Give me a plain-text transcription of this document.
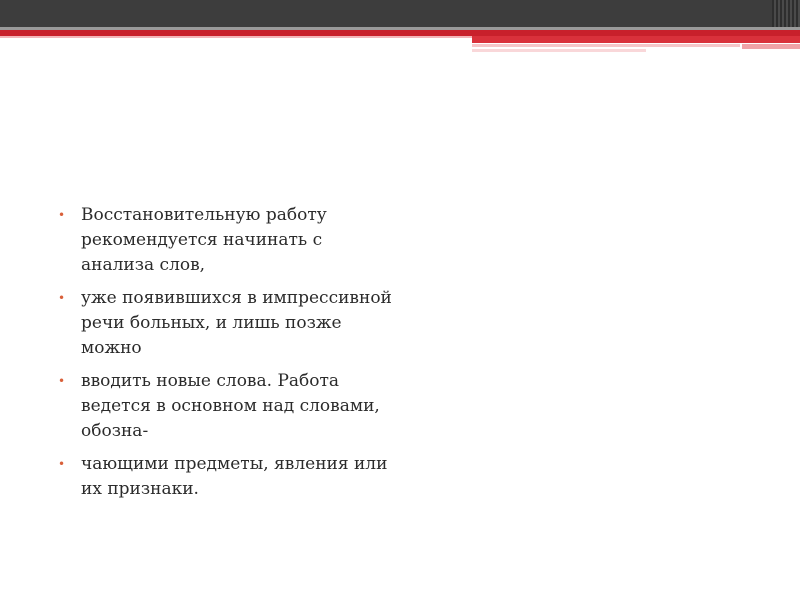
• Восстановительную работу рекомендуется начинать с анализа слов,
• уже появившихся в импрессивной речи больных, и лишь позже можно
• вводить новые слова. Работа ведется в основном над словами, обозна-
• чающими предметы, явления или их признаки.
